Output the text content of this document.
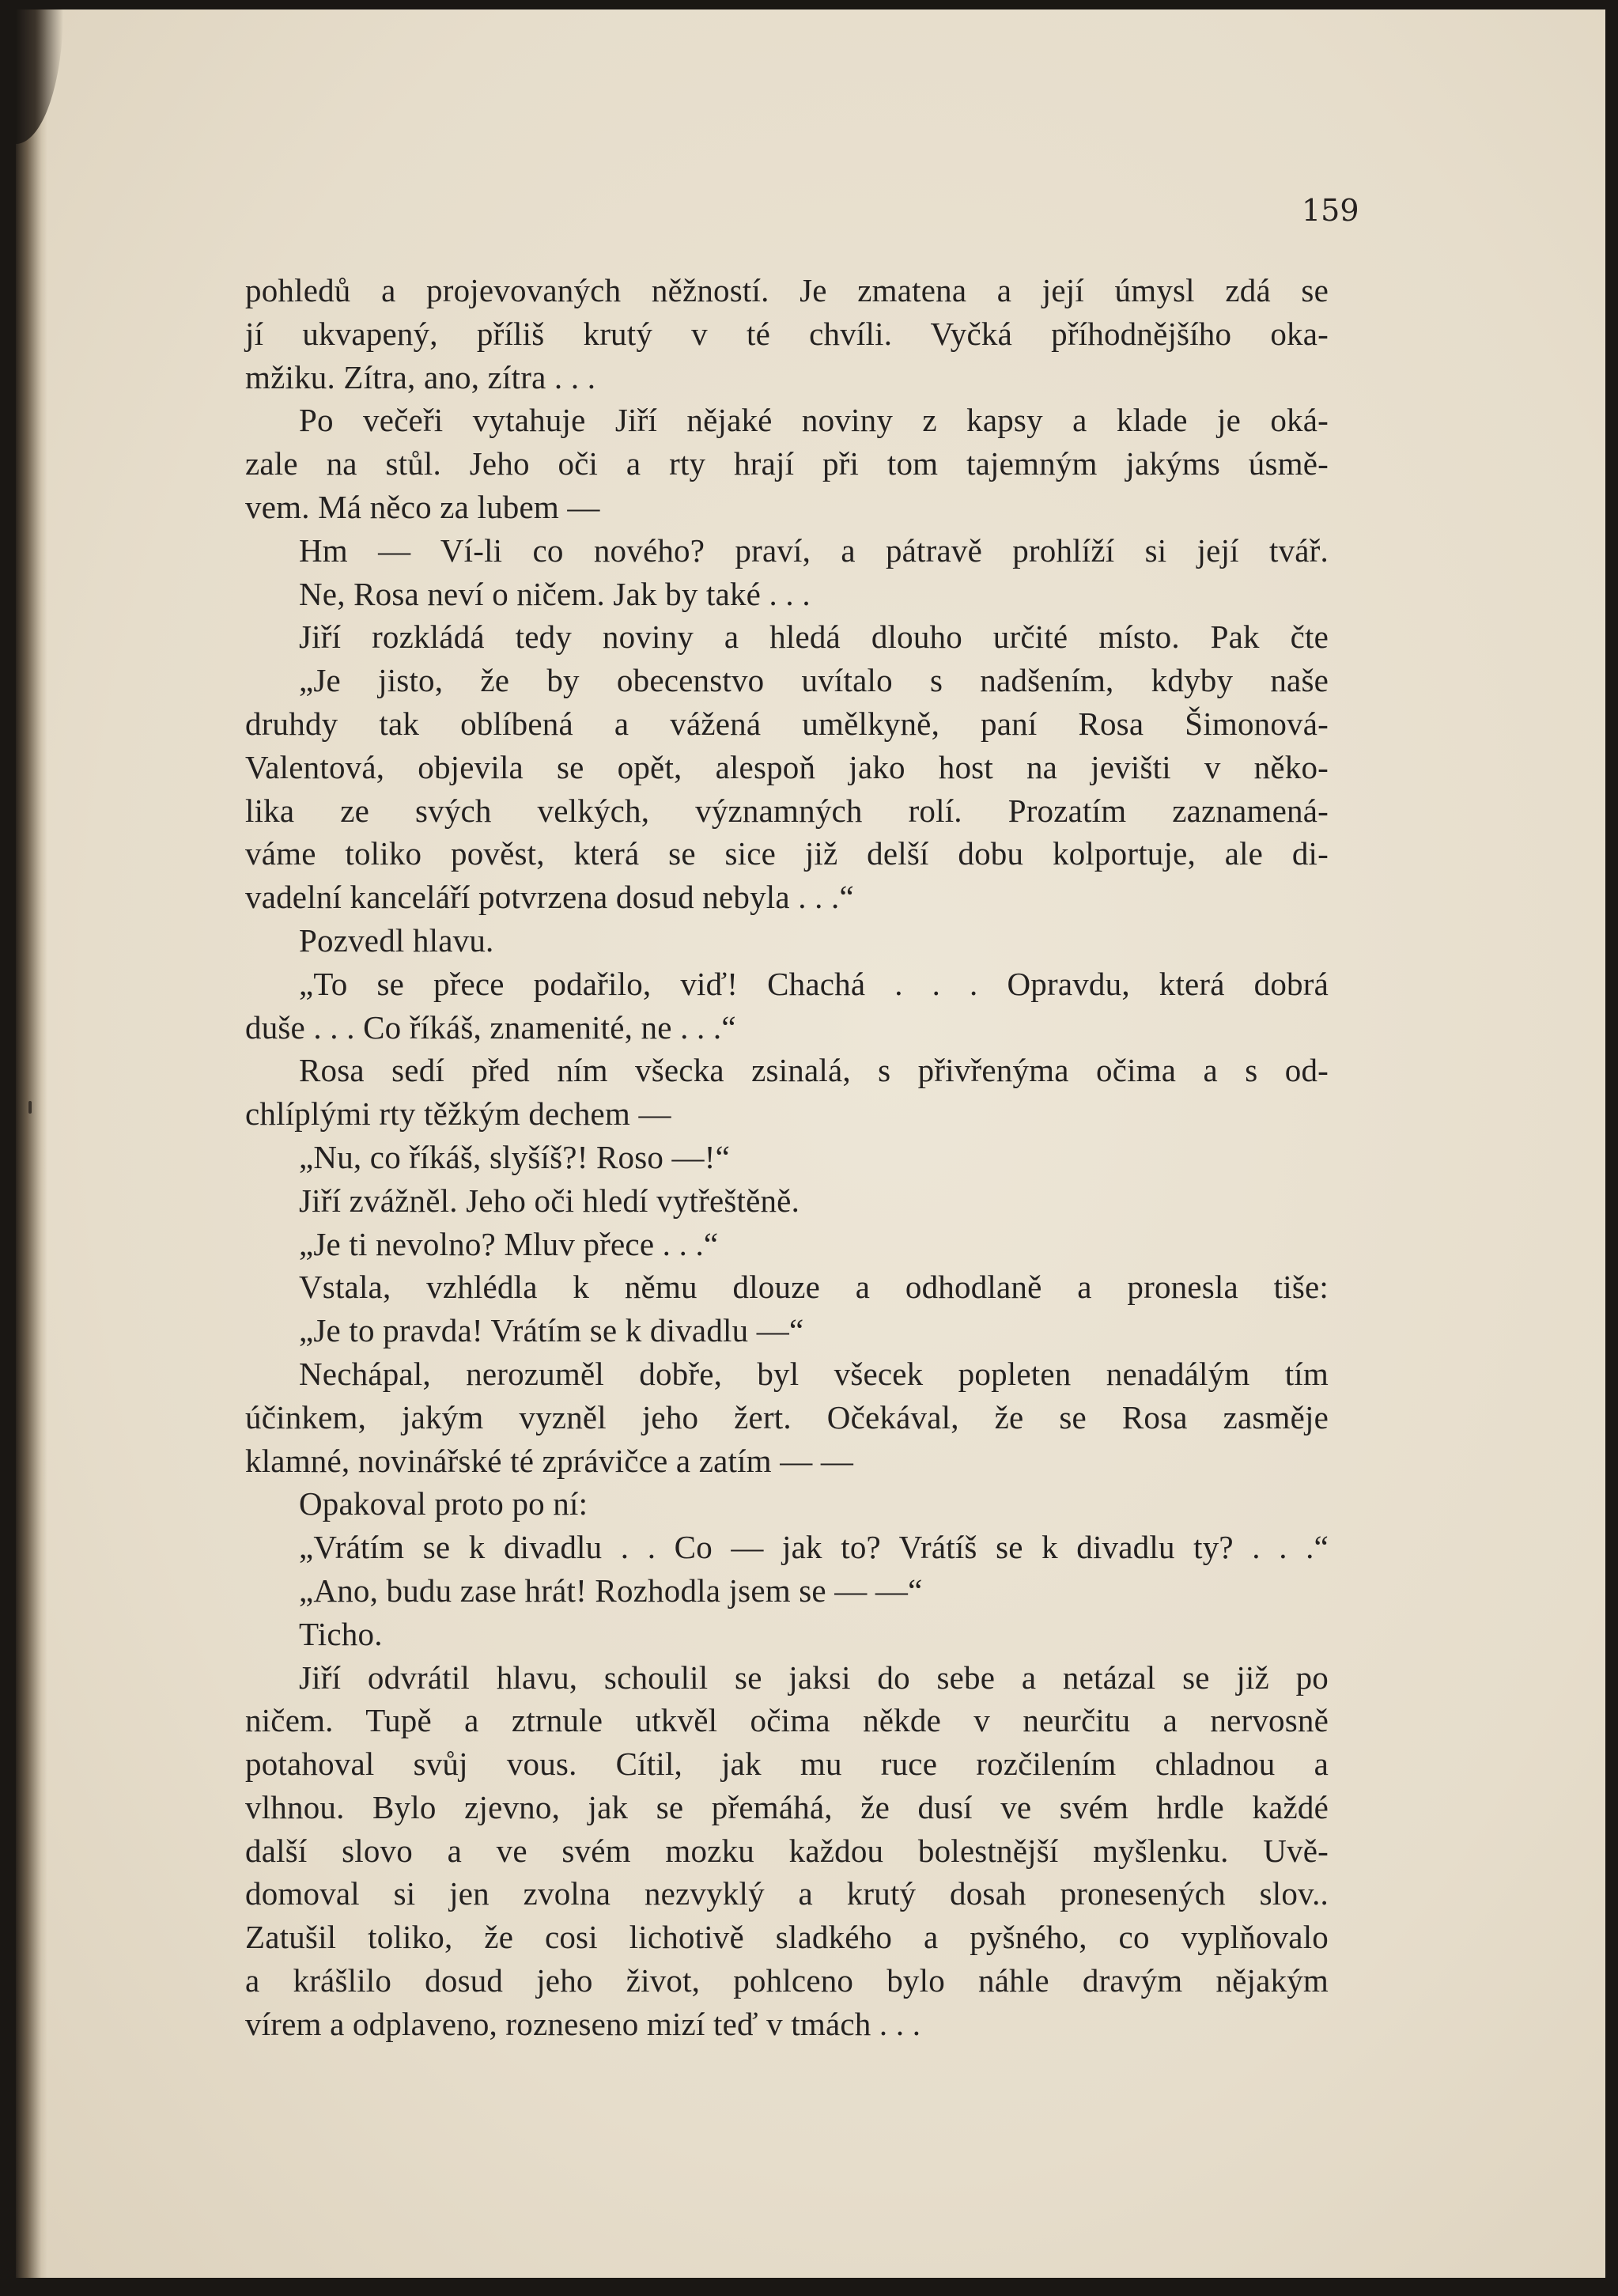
159

pohledů a projevovaných něžností. Je zmatena a její úmysl zdá se
jí ukvapený, příliš krutý v té chvíli. Vyčká příhodnějšího oka-
mžiku. Zítra, ano, zítra . . .
Po večeři vytahuje Jiří nějaké noviny z kapsy a klade je oká-
zale na stůl. Jeho oči a rty hrají při tom tajemným jakýms úsmě-
vem. Má něco za lubem —
Hm — Ví-li co nového? praví, a pátravě prohlíží si její tvář.
Ne, Rosa neví o ničem. Jak by také . . .
Jiří rozkládá tedy noviny a hledá dlouho určité místo. Pak čte
„Je jisto, že by obecenstvo uvítalo s nadšením, kdyby naše
druhdy tak oblíbená a vážená umělkyně, paní Rosa Šimonová-
Valentová, objevila se opět, alespoň jako host na jevišti v něko-
lika ze svých velkých, významných rolí. Prozatím zaznamená-
váme toliko pověst, která se sice již delší dobu kolportuje, ale di-
vadelní kanceláří potvrzena dosud nebyla . . .“
Pozvedl hlavu.
„To se přece podařilo, viď! Chachá . . . Opravdu, která dobrá
duše . . . Co říkáš, znamenité, ne . . .“
Rosa sedí před ním všecka zsinalá, s přivřenýma očima a s od-
chlíplými rty těžkým dechem —
„Nu, co říkáš, slyšíš?! Roso —!“
Jiří zvážněl. Jeho oči hledí vytřeštěně.
„Je ti nevolno? Mluv přece . . .“
Vstala, vzhlédla k němu dlouze a odhodlaně a pronesla tiše:
„Je to pravda! Vrátím se k divadlu —“
Nechápal, nerozuměl dobře, byl všecek popleten nenadálým tím
účinkem, jakým vyzněl jeho žert. Očekával, že se Rosa zasměje
klamné, novinářské té zprávičce a zatím — —
Opakoval proto po ní:
„Vrátím se k divadlu . . Co — jak to? Vrátíš se k divadlu ty? . . .“
„Ano, budu zase hrát! Rozhodla jsem se — —“
Ticho.
Jiří odvrátil hlavu, schoulil se jaksi do sebe a netázal se již po
ničem. Tupě a ztrnule utkvěl očima někde v neurčitu a nervosně
potahoval svůj vous. Cítil, jak mu ruce rozčilením chladnou a
vlhnou. Bylo zjevno, jak se přemáhá, že dusí ve svém hrdle každé
další slovo a ve svém mozku každou bolestnější myšlenku. Uvě-
domoval si jen zvolna nezvyklý a krutý dosah pronesených slov..
Zatušil toliko, že cosi lichotivě sladkého a pyšného, co vyplňovalo
a krášlilo dosud jeho život, pohlceno bylo náhle dravým nějakým
vírem a odplaveno, rozneseno mizí teď v tmách . . .
